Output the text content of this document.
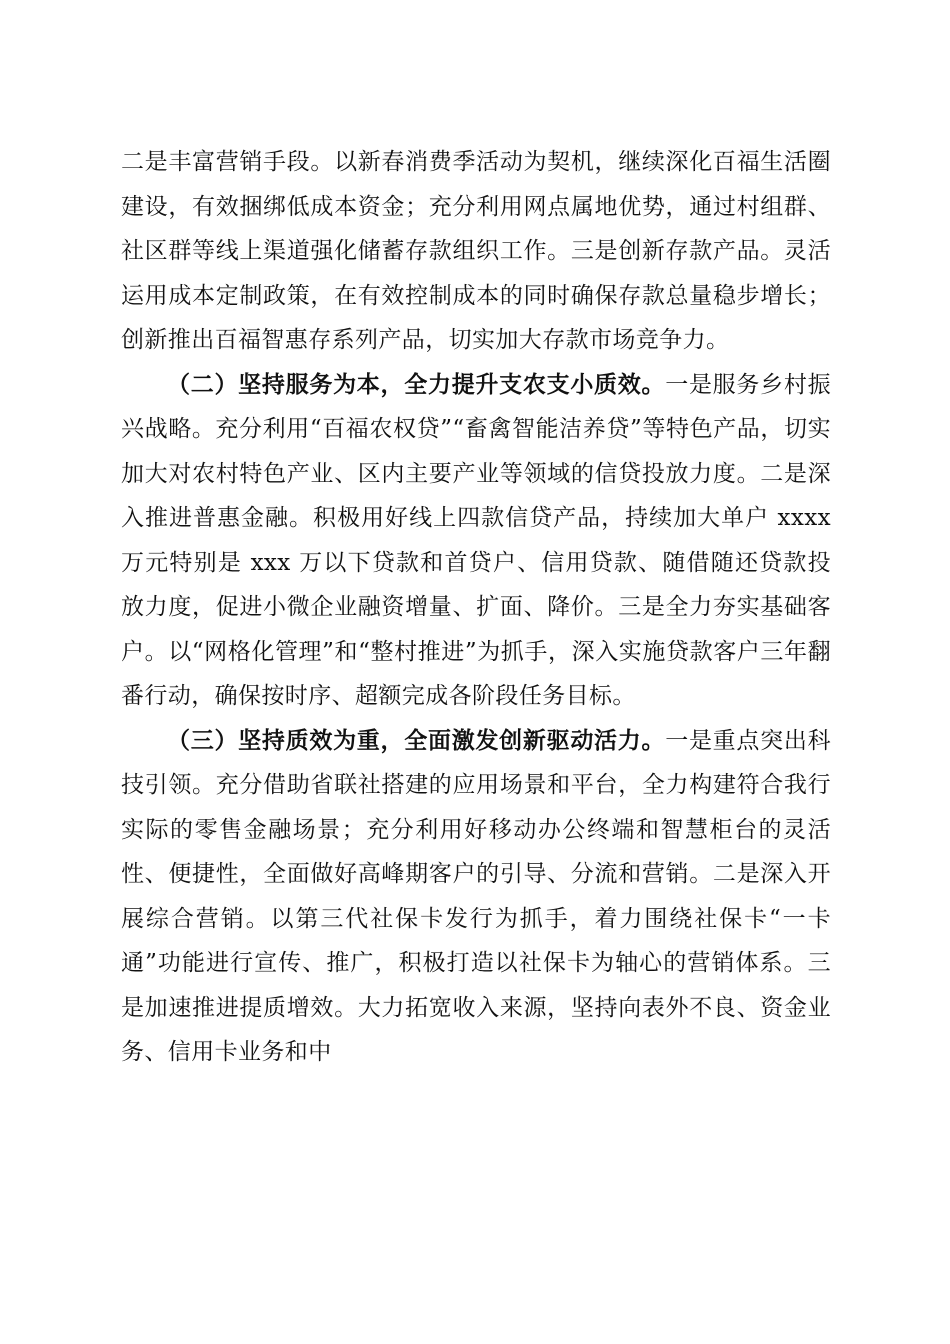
二是丰富营销手段。以新春消费季活动为契机，继续深化百福生活圈建设，有效捆绑低成本资金；充分利用网点属地优势，通过村组群、社区群等线上渠道强化储蓄存款组织工作。三是创新存款产品。灵活运用成本定制政策，在有效控制成本的同时确保存款总量稳步增长；创新推出百福智惠存系列产品，切实加大存款市场竞争力。

（二）坚持服务为本，全力提升支农支小质效。一是服务乡村振兴战略。充分利用“百福农权贷”“畜禽智能洁养贷”等特色产品，切实加大对农村特色产业、区内主要产业等领域的信贷投放力度。二是深入推进普惠金融。积极用好线上四款信贷产品，持续加大单户 xxxx 万元特别是 xxx 万以下贷款和首贷户、信用贷款、随借随还贷款投放力度，促进小微企业融资增量、扩面、降价。三是全力夯实基础客户。以“网格化管理”和“整村推进”为抓手，深入实施贷款客户三年翻番行动，确保按时序、超额完成各阶段任务目标。

（三）坚持质效为重，全面激发创新驱动活力。一是重点突出科技引领。充分借助省联社搭建的应用场景和平台，全力构建符合我行实际的零售金融场景；充分利用好移动办公终端和智慧柜台的灵活性、便捷性，全面做好高峰期客户的引导、分流和营销。二是深入开展综合营销。以第三代社保卡发行为抓手，着力围绕社保卡“一卡通”功能进行宣传、推广，积极打造以社保卡为轴心的营销体系。三是加速推进提质增效。大力拓宽收入来源，坚持向表外不良、资金业务、信用卡业务和中
